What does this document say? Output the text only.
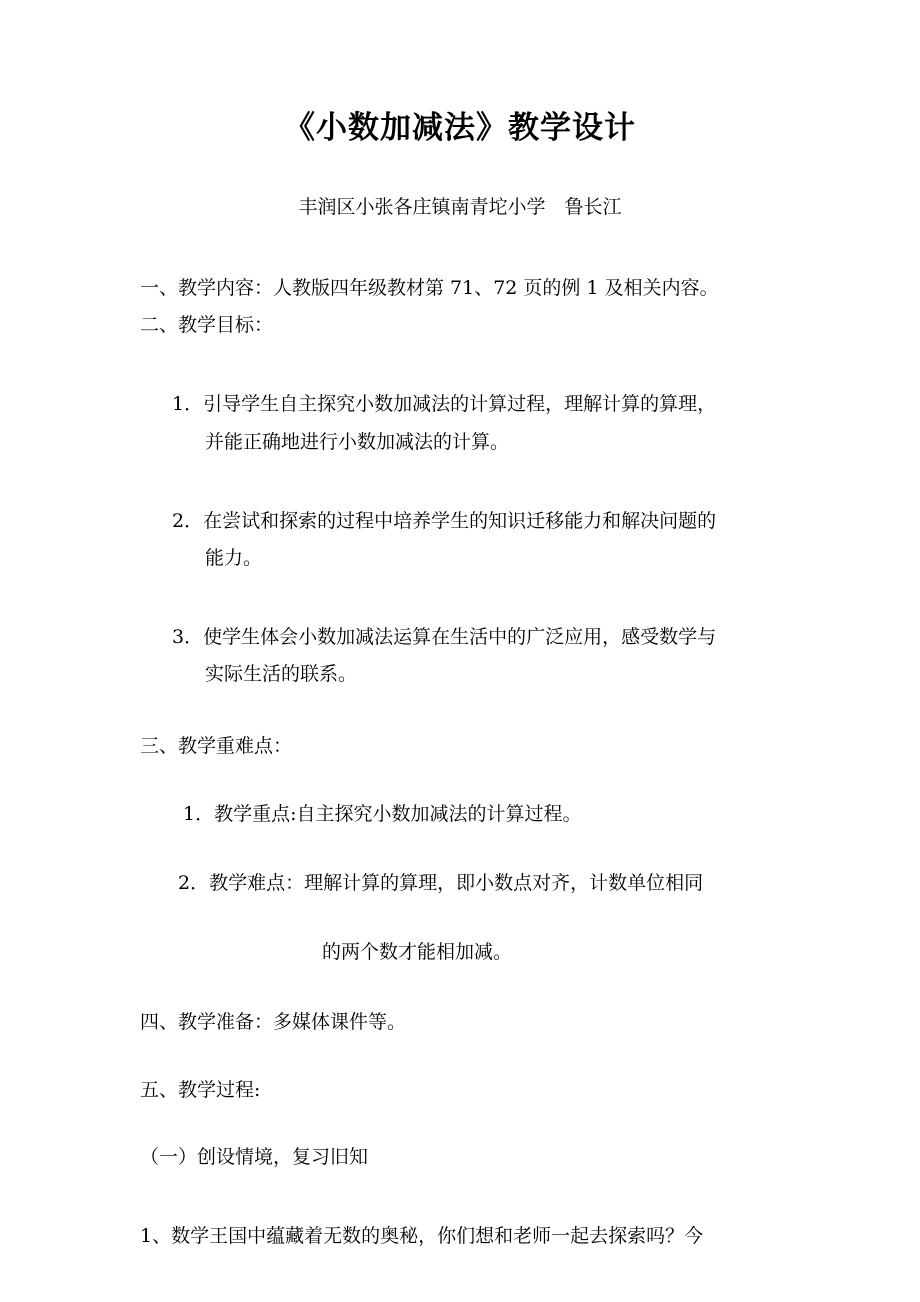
《小数加减法》教学设计
丰润区小张各庄镇南青坨小学　鲁长江
一、教学内容：人教版四年级教材第 71、72 页的例 1 及相关内容。
二、教学目标：
1．引导学生自主探究小数加减法的计算过程，理解计算的算理，
并能正确地进行小数加减法的计算。
2．在尝试和探索的过程中培养学生的知识迁移能力和解决问题的
能力。
3．使学生体会小数加减法运算在生活中的广泛应用，感受数学与
实际生活的联系。
三、教学重难点：
1．教学重点:自主探究小数加减法的计算过程。
2．教学难点：理解计算的算理，即小数点对齐，计数单位相同
的两个数才能相加减。
四、教学准备：多媒体课件等。
五、教学过程:
（一）创设情境，复习旧知
1、数学王国中蕴藏着无数的奥秘，你们想和老师一起去探索吗？今
